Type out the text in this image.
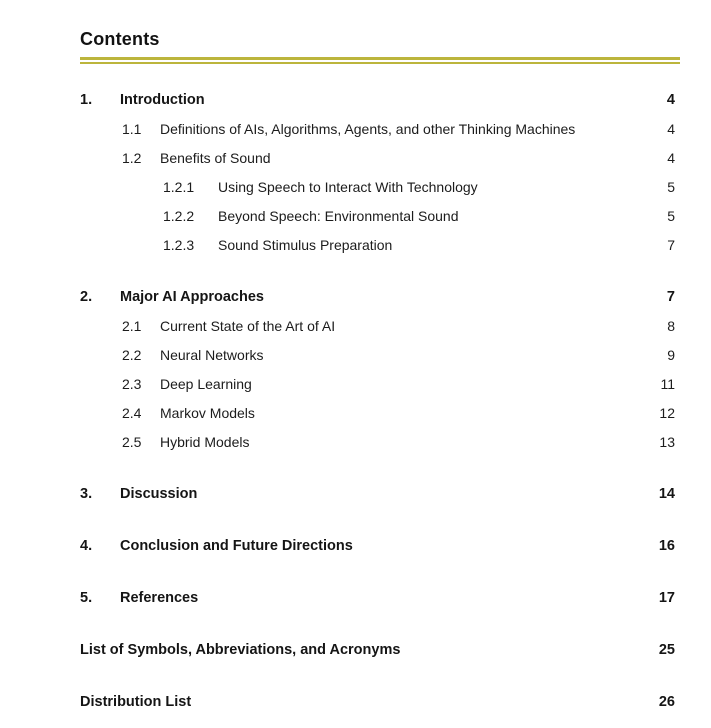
Contents
1.	Introduction	4
1.1	Definitions of AIs, Algorithms, Agents, and other Thinking Machines	4
1.2	Benefits of Sound	4
1.2.1	Using Speech to Interact With Technology	5
1.2.2	Beyond Speech: Environmental Sound	5
1.2.3	Sound Stimulus Preparation	7
2.	Major AI Approaches	7
2.1	Current State of the Art of AI	8
2.2	Neural Networks	9
2.3	Deep Learning	11
2.4	Markov Models	12
2.5	Hybrid Models	13
3.	Discussion	14
4.	Conclusion and Future Directions	16
5.	References	17
List of Symbols, Abbreviations, and Acronyms	25
Distribution List	26
